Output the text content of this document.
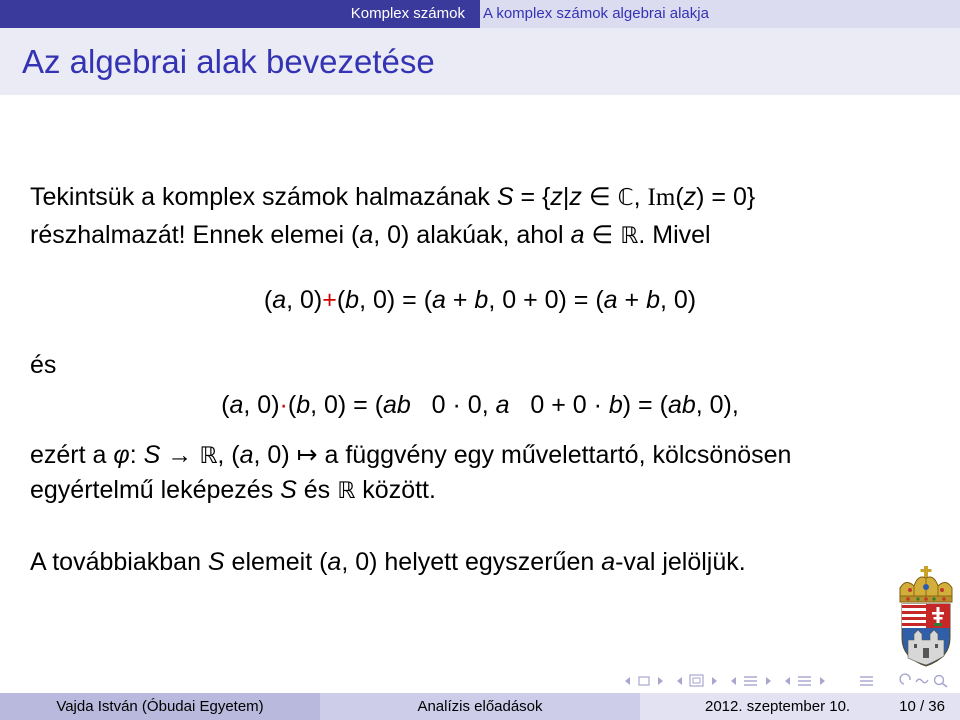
Komplex számok	A komplex számok algebrai alakja
Az algebrai alak bevezetése
Tekintsük a komplex számok halmazának S = {z|z ∈ ℂ, Im(z) = 0}
részhalmazát! Ennek elemei (a, 0) alakúak, ahol a ∈ ℝ. Mivel
(a, 0)+(b, 0) = (a + b, 0 + 0) = (a + b, 0)
és
(a, 0)·(b, 0) = (ab   0 · 0, a   0 + 0 · b) = (ab, 0),
ezért a φ: S → ℝ, (a, 0) ↦ a függvény egy művelettartó, kölcsönösen
egyértelmű leképezés S és ℝ között.
A továbbiakban S elemeit (a, 0) helyett egyszerűen a-val jelöljük.
Vajda István (Óbudai Egyetem)	Analízis előadások	2012. szeptember 10.	10 / 36
